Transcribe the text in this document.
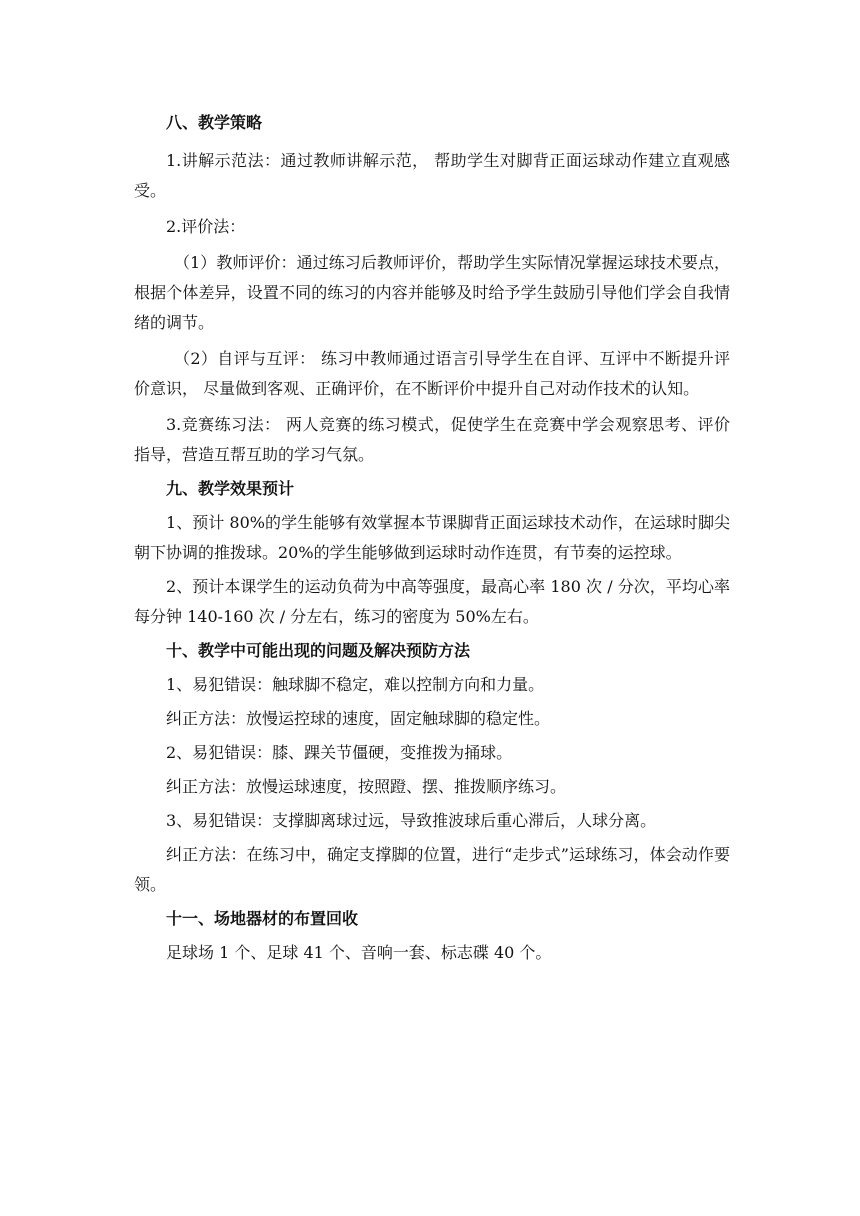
八、教学策略

1.讲解示范法：通过教师讲解示范， 帮助学生对脚背正面运球动作建立直观感受。

2.评价法：

（1）教师评价：通过练习后教师评价，帮助学生实际情况掌握运球技术要点，根据个体差异，设置不同的练习的内容并能够及时给予学生鼓励引导他们学会自我情绪的调节。

（2）自评与互评： 练习中教师通过语言引导学生在自评、互评中不断提升评价意识， 尽量做到客观、正确评价，在不断评价中提升自己对动作技术的认知。

3.竞赛练习法： 两人竞赛的练习模式，促使学生在竞赛中学会观察思考、评价指导，营造互帮互助的学习气氛。

九、教学效果预计

1、预计 80%的学生能够有效掌握本节课脚背正面运球技术动作，在运球时脚尖朝下协调的推拨球。20%的学生能够做到运球时动作连贯，有节奏的运控球。

2、预计本课学生的运动负荷为中高等强度，最高心率 180 次 / 分次，平均心率每分钟 140-160 次 / 分左右，练习的密度为 50%左右。

十、教学中可能出现的问题及解决预防方法

1、易犯错误：触球脚不稳定，难以控制方向和力量。

纠正方法：放慢运控球的速度，固定触球脚的稳定性。

2、易犯错误：膝、踝关节僵硬，变推拨为捅球。

纠正方法：放慢运球速度，按照蹬、摆、推拨顺序练习。

3、易犯错误：支撑脚离球过远，导致推波球后重心滞后，人球分离。

纠正方法：在练习中，确定支撑脚的位置，进行“走步式”运球练习，体会动作要领。

十一、场地器材的布置回收

足球场 1 个、足球 41 个、音响一套、标志碟 40 个。
